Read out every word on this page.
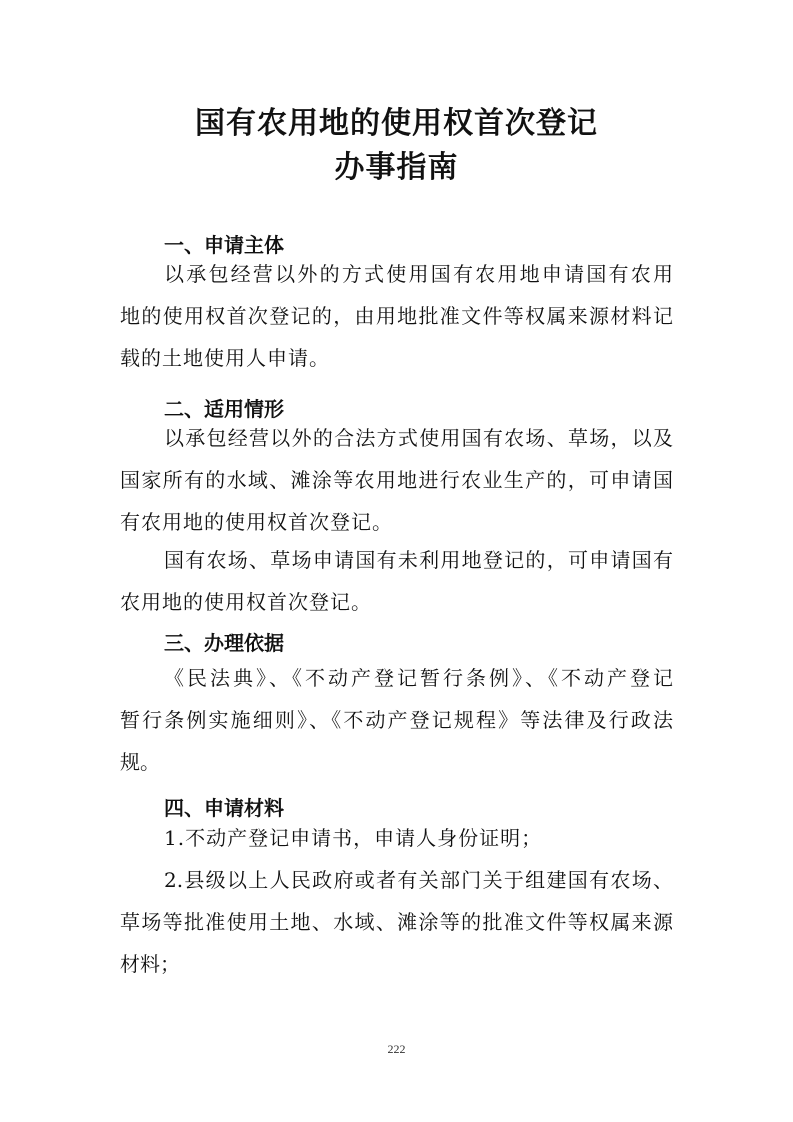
国有农用地的使用权首次登记
办事指南
一、申请主体
以承包经营以外的方式使用国有农用地申请国有农用
地的使用权首次登记的，由用地批准文件等权属来源材料记
载的土地使用人申请。
二、适用情形
以承包经营以外的合法方式使用国有农场、草场，以及
国家所有的水域、滩涂等农用地进行农业生产的，可申请国
有农用地的使用权首次登记。
国有农场、草场申请国有未利用地登记的，可申请国有
农用地的使用权首次登记。
三、办理依据
《民法典》、《不动产登记暂行条例》、《不动产登记
暂行条例实施细则》、《不动产登记规程》等法律及行政法
规。
四、申请材料
1.不动产登记申请书，申请人身份证明；
2.县级以上人民政府或者有关部门关于组建国有农场、
草场等批准使用土地、水域、滩涂等的批准文件等权属来源
材料；
222
